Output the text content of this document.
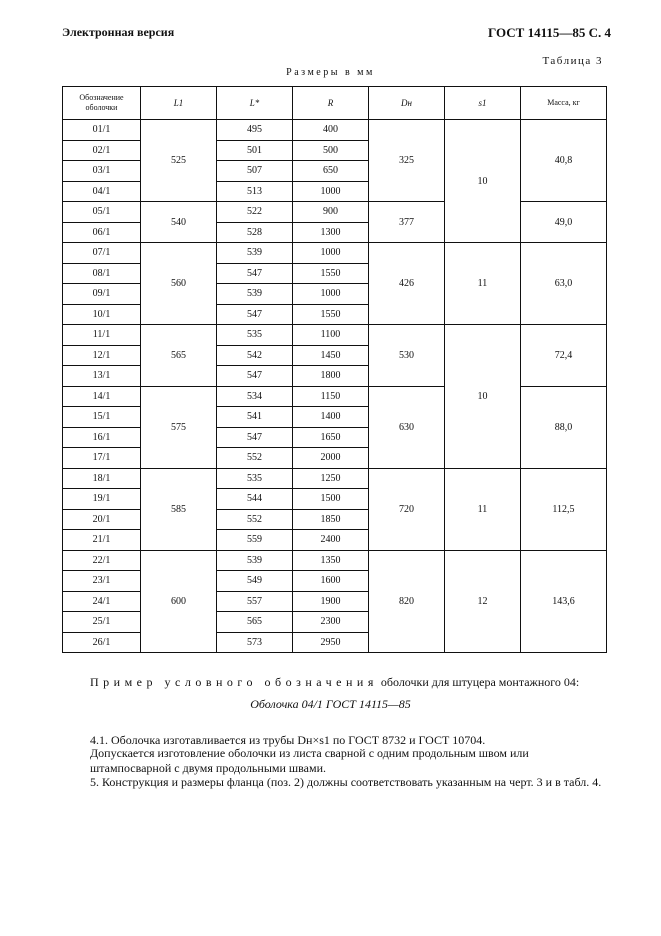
Электронная версия	ГОСТ 14115—85 С. 4
Таблица 3
Размеры в мм
Обозначение оболочки	L1	L*	R	Dн	s1	Масса, кг
01/1	525	495	400	325	10	40,8
02/1		501	500			
03/1		507	650			
04/1		513	1000			
05/1	540	522	900	377		49,0
06/1		528	1300			
07/1	560	539	1000	426	11	63,0
08/1		547	1550			
09/1		539	1000			
10/1		547	1550			
11/1	565	535	1100	530	10	72,4
12/1		542	1450			
13/1		547	1800			
14/1	575	534	1150	630		88,0
15/1		541	1400			
16/1		547	1650			
17/1		552	2000			
18/1	585	535	1250	720	11	112,5
19/1		544	1500			
20/1		552	1850			
21/1		559	2400			
22/1	600	539	1350	820	12	143,6
23/1		549	1600			
24/1		557	1900			
25/1		565	2300			
26/1		573	2950			
Пример условного обозначения оболочки для штуцера монтажного 04:
Оболочка 04/1 ГОСТ 14115—85
4.1. Оболочка изготавливается из трубы Dн×s1 по ГОСТ 8732 и ГОСТ 10704.
Допускается изготовление оболочки из листа сварной с одним продольным швом или штампосварной с двумя продольными швами.
5. Конструкция и размеры фланца (поз. 2) должны соответствовать указанным на черт. 3 и в табл. 4.
